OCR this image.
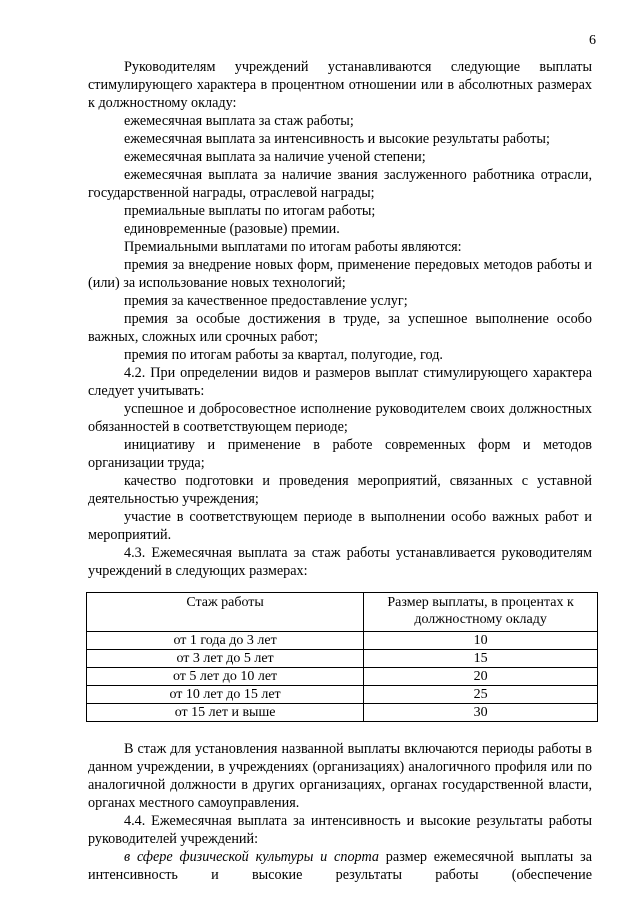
6

Руководителям учреждений устанавливаются следующие выплаты стимулирующего характера в процентном отношении или в абсолютных размерах к должностному окладу:

ежемесячная выплата за стаж работы;

ежемесячная выплата за интенсивность и высокие результаты работы;

ежемесячная выплата за наличие ученой степени;

ежемесячная выплата за наличие звания заслуженного работника отрасли, государственной награды, отраслевой награды;

премиальные выплаты по итогам работы;

единовременные (разовые) премии.

Премиальными выплатами по итогам работы являются:

премия за внедрение новых форм, применение передовых методов работы и (или) за использование новых технологий;

премия за качественное предоставление услуг;

премия за особые достижения в труде, за успешное выполнение особо важных, сложных или срочных работ;

премия по итогам работы за квартал, полугодие, год.

4.2. При определении видов и размеров выплат стимулирующего характера следует учитывать:

успешное и добросовестное исполнение руководителем своих должностных обязанностей в соответствующем периоде;

инициативу и применение в работе современных форм и методов организации труда;

качество подготовки и проведения мероприятий, связанных с уставной деятельностью учреждения;

участие в соответствующем периоде в выполнении особо важных работ и мероприятий.

4.3. Ежемесячная выплата за стаж работы устанавливается руководителям учреждений в следующих размерах:

Стаж работы	Размер выплаты, в процентах к должностному окладу
от 1 года до 3 лет	10
от 3 лет до 5 лет	15
от 5 лет до 10 лет	20
от 10 лет до 15 лет	25
от 15 лет и выше	30

В стаж для установления названной выплаты включаются периоды работы в данном учреждении, в учреждениях (организациях) аналогичного профиля или по аналогичной должности в других организациях, органах государственной власти, органах местного самоуправления.

4.4. Ежемесячная выплата за интенсивность и высокие результаты работы руководителей учреждений:

в сфере физической культуры и спорта размер ежемесячной выплаты за интенсивность и высокие результаты работы (обеспечение
